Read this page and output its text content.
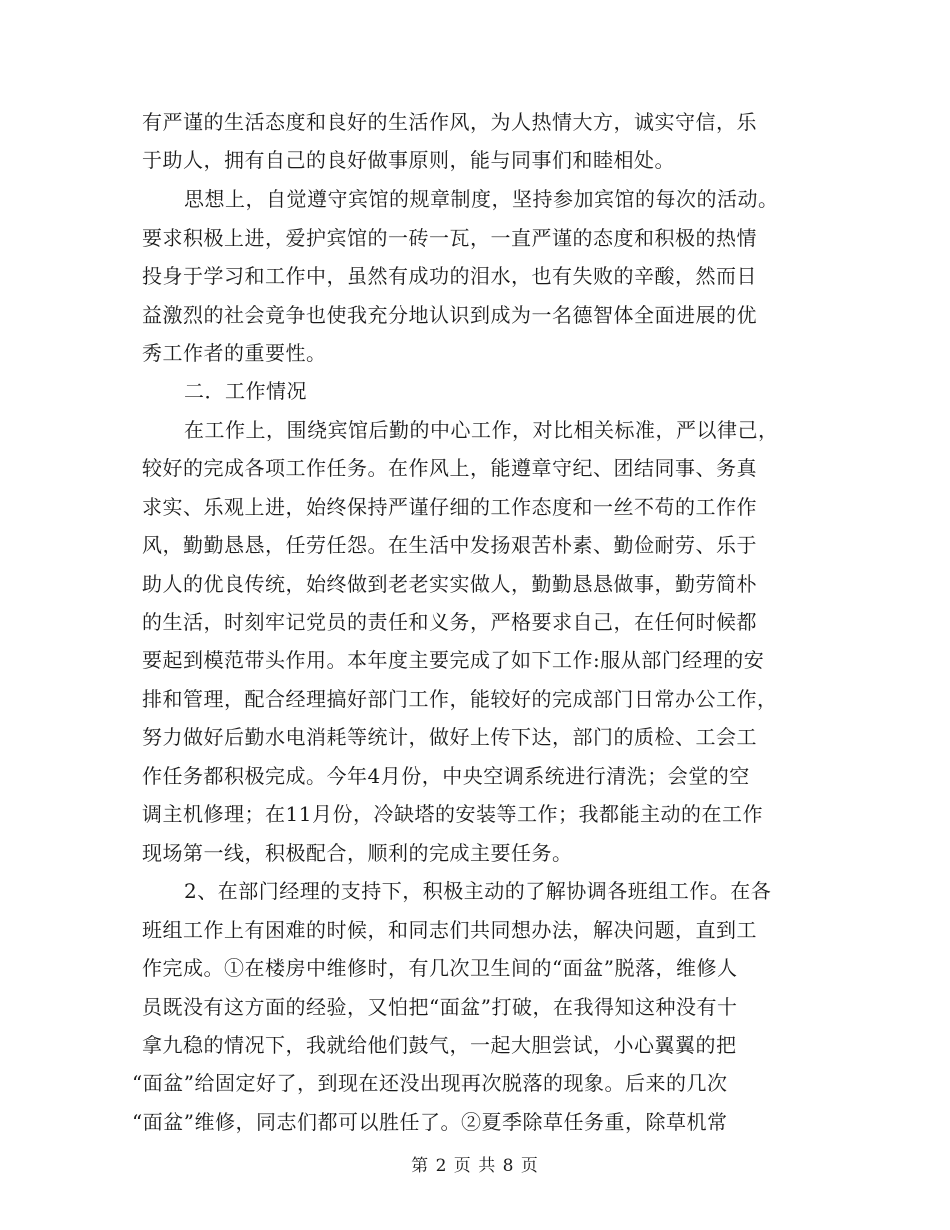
有严谨的生活态度和良好的生活作风，为人热情大方，诚实守信，乐
于助人，拥有自己的良好做事原则，能与同事们和睦相处。
思想上，自觉遵守宾馆的规章制度，坚持参加宾馆的每次的活动。
要求积极上进，爱护宾馆的一砖一瓦，一直严谨的态度和积极的热情
投身于学习和工作中，虽然有成功的泪水，也有失败的辛酸，然而日
益激烈的社会竟争也使我充分地认识到成为一名德智体全面进展的优
秀工作者的重要性。
二．工作情况
在工作上，围绕宾馆后勤的中心工作，对比相关标准，严以律己，
较好的完成各项工作任务。在作风上，能遵章守纪、团结同事、务真
求实、乐观上进，始终保持严谨仔细的工作态度和一丝不苟的工作作
风，勤勤恳恳，任劳任怨。在生活中发扬艰苦朴素、勤俭耐劳、乐于
助人的优良传统，始终做到老老实实做人，勤勤恳恳做事，勤劳简朴
的生活，时刻牢记党员的责任和义务，严格要求自己，在任何时候都
要起到模范带头作用。本年度主要完成了如下工作:服从部门经理的安
排和管理，配合经理搞好部门工作，能较好的完成部门日常办公工作，
努力做好后勤水电消耗等统计，做好上传下达，部门的质检、工会工
作任务都积极完成。今年4月份，中央空调系统进行清洗；会堂的空
调主机修理；在11月份，冷缺塔的安装等工作；我都能主动的在工作
现场第一线，积极配合，顺利的完成主要任务。
2、在部门经理的支持下，积极主动的了解协调各班组工作。在各
班组工作上有困难的时候，和同志们共同想办法，解决问题，直到工
作完成。①在楼房中维修时，有几次卫生间的“面盆”脱落，维修人
员既没有这方面的经验，又怕把“面盆”打破，在我得知这种没有十
拿九稳的情况下，我就给他们鼓气，一起大胆尝试，小心翼翼的把
“面盆”给固定好了，到现在还没出现再次脱落的现象。后来的几次
“面盆”维修，同志们都可以胜任了。②夏季除草任务重，除草机常
第 2 页 共 8 页
